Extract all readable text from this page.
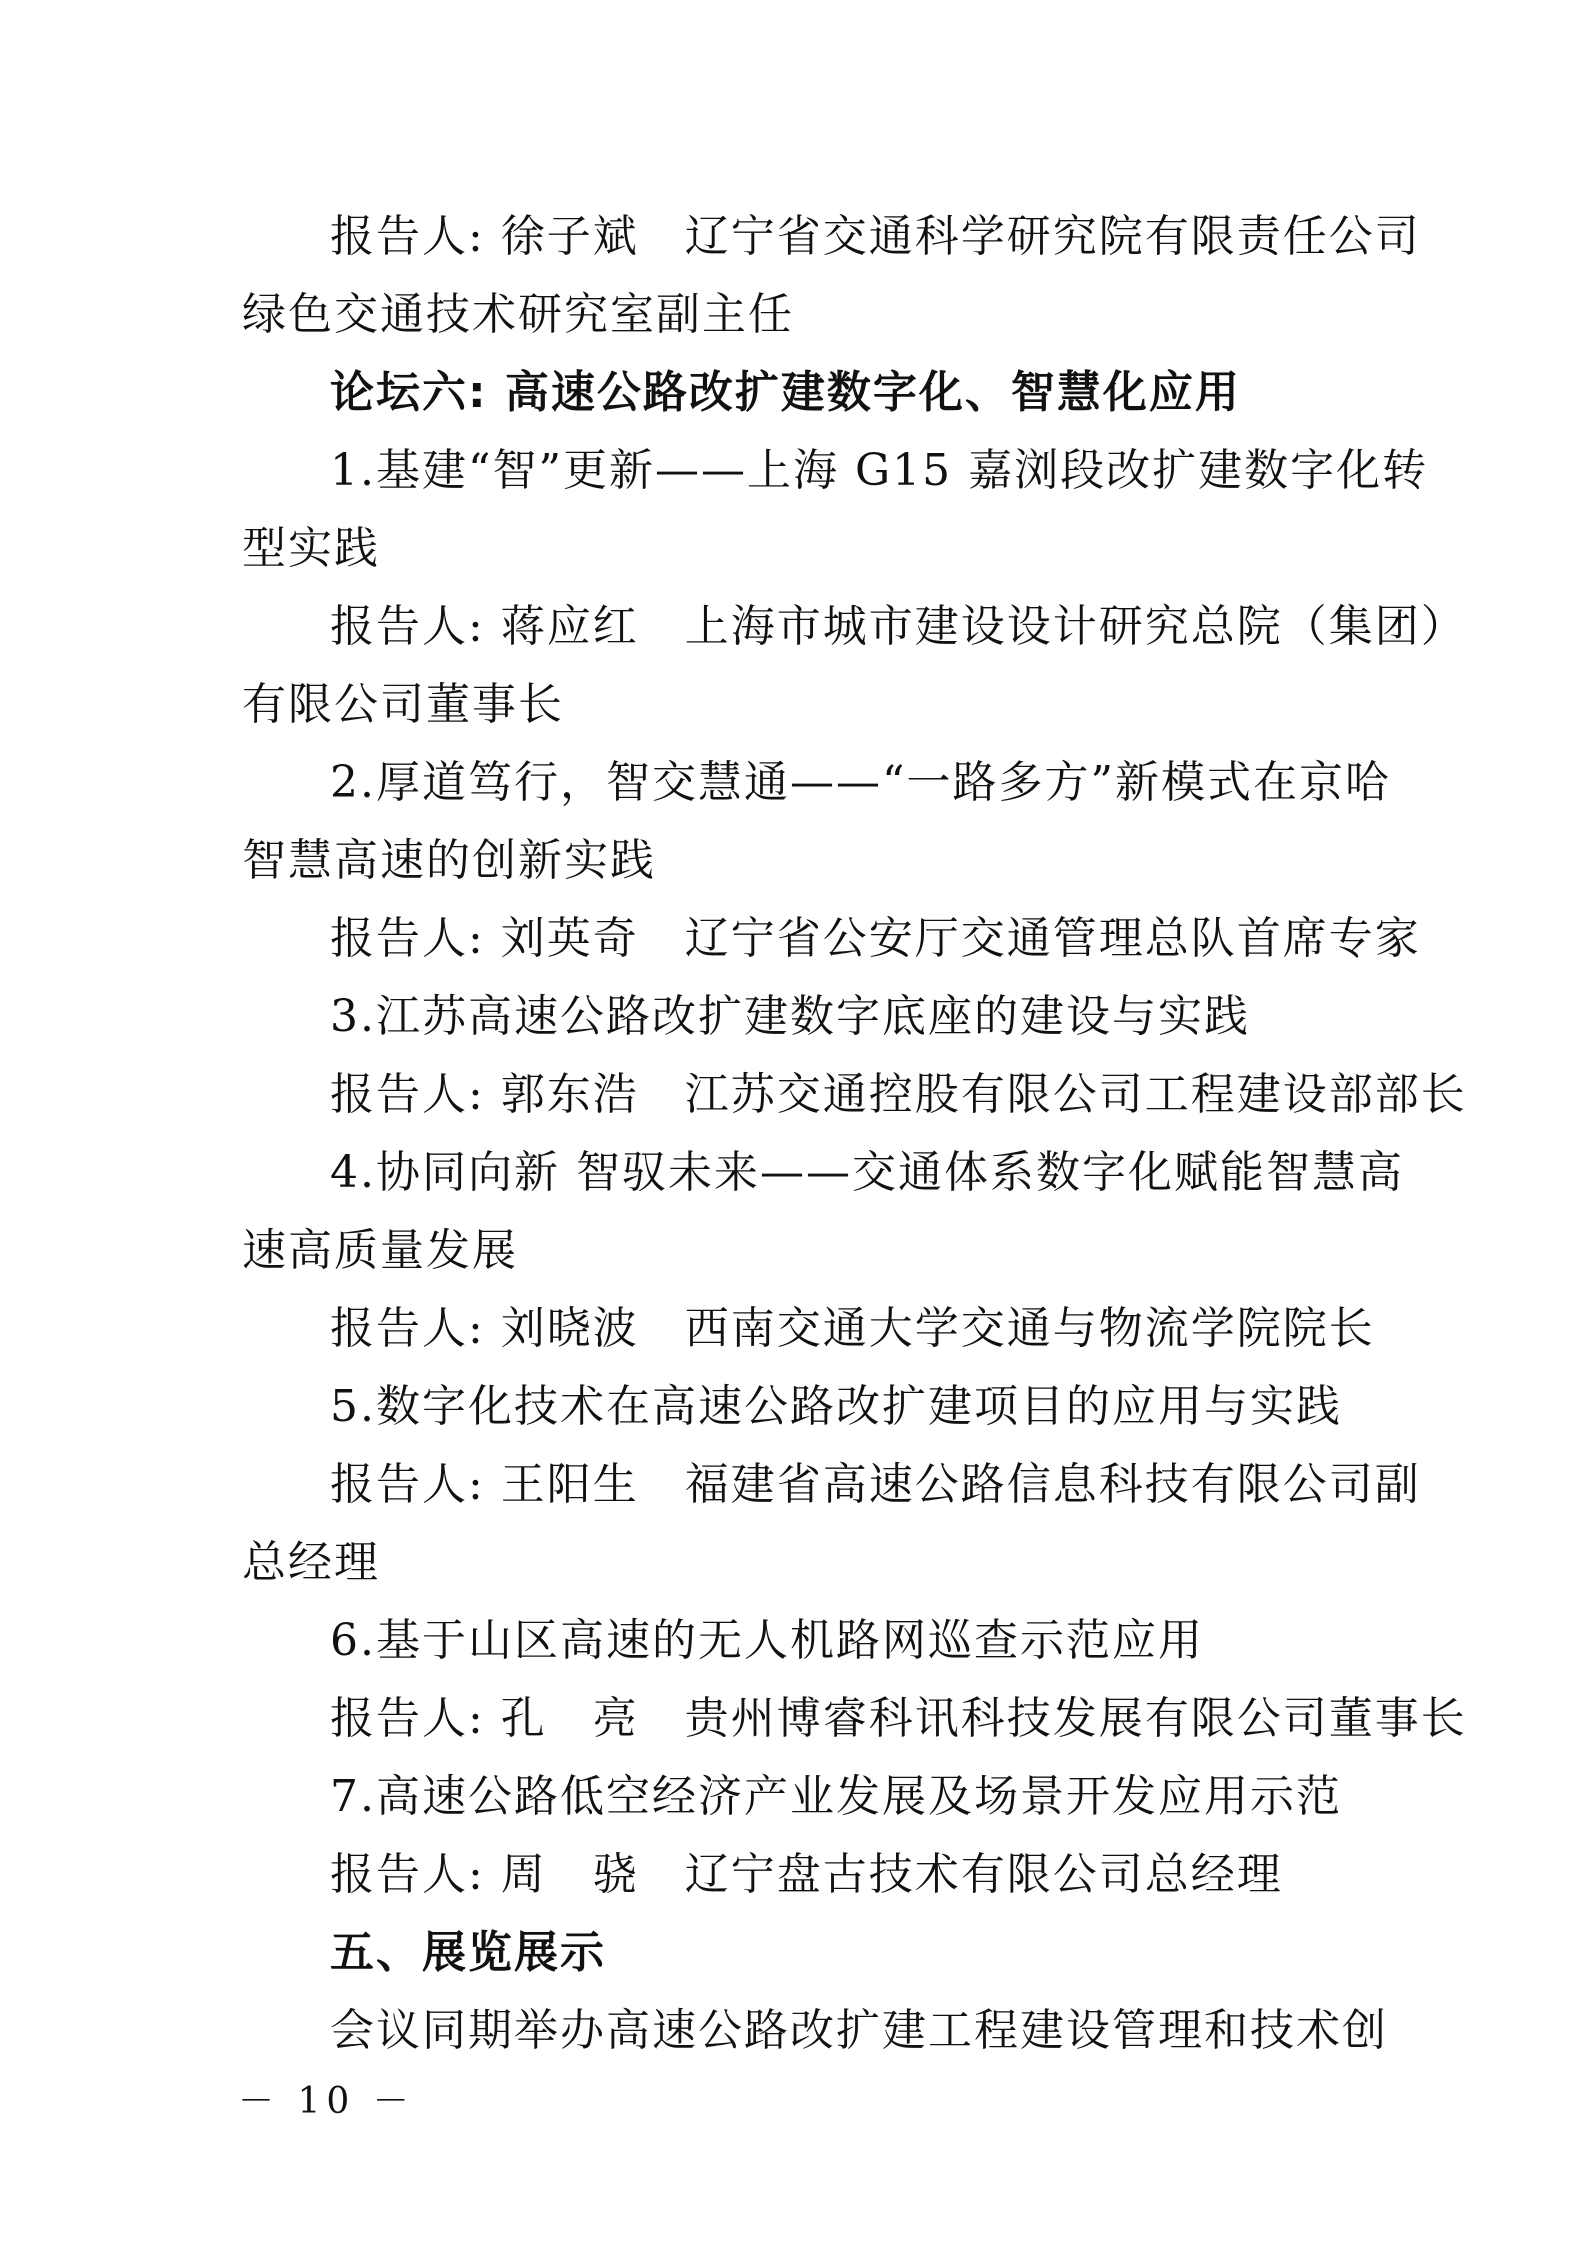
报告人: 徐子斌　辽宁省交通科学研究院有限责任公司
绿色交通技术研究室副主任
论坛六: 高速公路改扩建数字化、智慧化应用
1.基建“智”更新——上海 G15 嘉浏段改扩建数字化转
型实践
报告人: 蒋应红　上海市城市建设设计研究总院（集团）
有限公司董事长
2.厚道笃行，智交慧通——“一路多方”新模式在京哈
智慧高速的创新实践
报告人: 刘英奇　辽宁省公安厅交通管理总队首席专家
3.江苏高速公路改扩建数字底座的建设与实践
报告人: 郭东浩　江苏交通控股有限公司工程建设部部长
4.协同向新 智驭未来——交通体系数字化赋能智慧高
速高质量发展
报告人: 刘晓波　西南交通大学交通与物流学院院长
5.数字化技术在高速公路改扩建项目的应用与实践
报告人: 王阳生　福建省高速公路信息科技有限公司副
总经理
6.基于山区高速的无人机路网巡查示范应用
报告人: 孔　亮　贵州博睿科讯科技发展有限公司董事长
7.高速公路低空经济产业发展及场景开发应用示范
报告人: 周　骁　辽宁盘古技术有限公司总经理
五、展览展示
会议同期举办高速公路改扩建工程建设管理和技术创
－ 10 －
